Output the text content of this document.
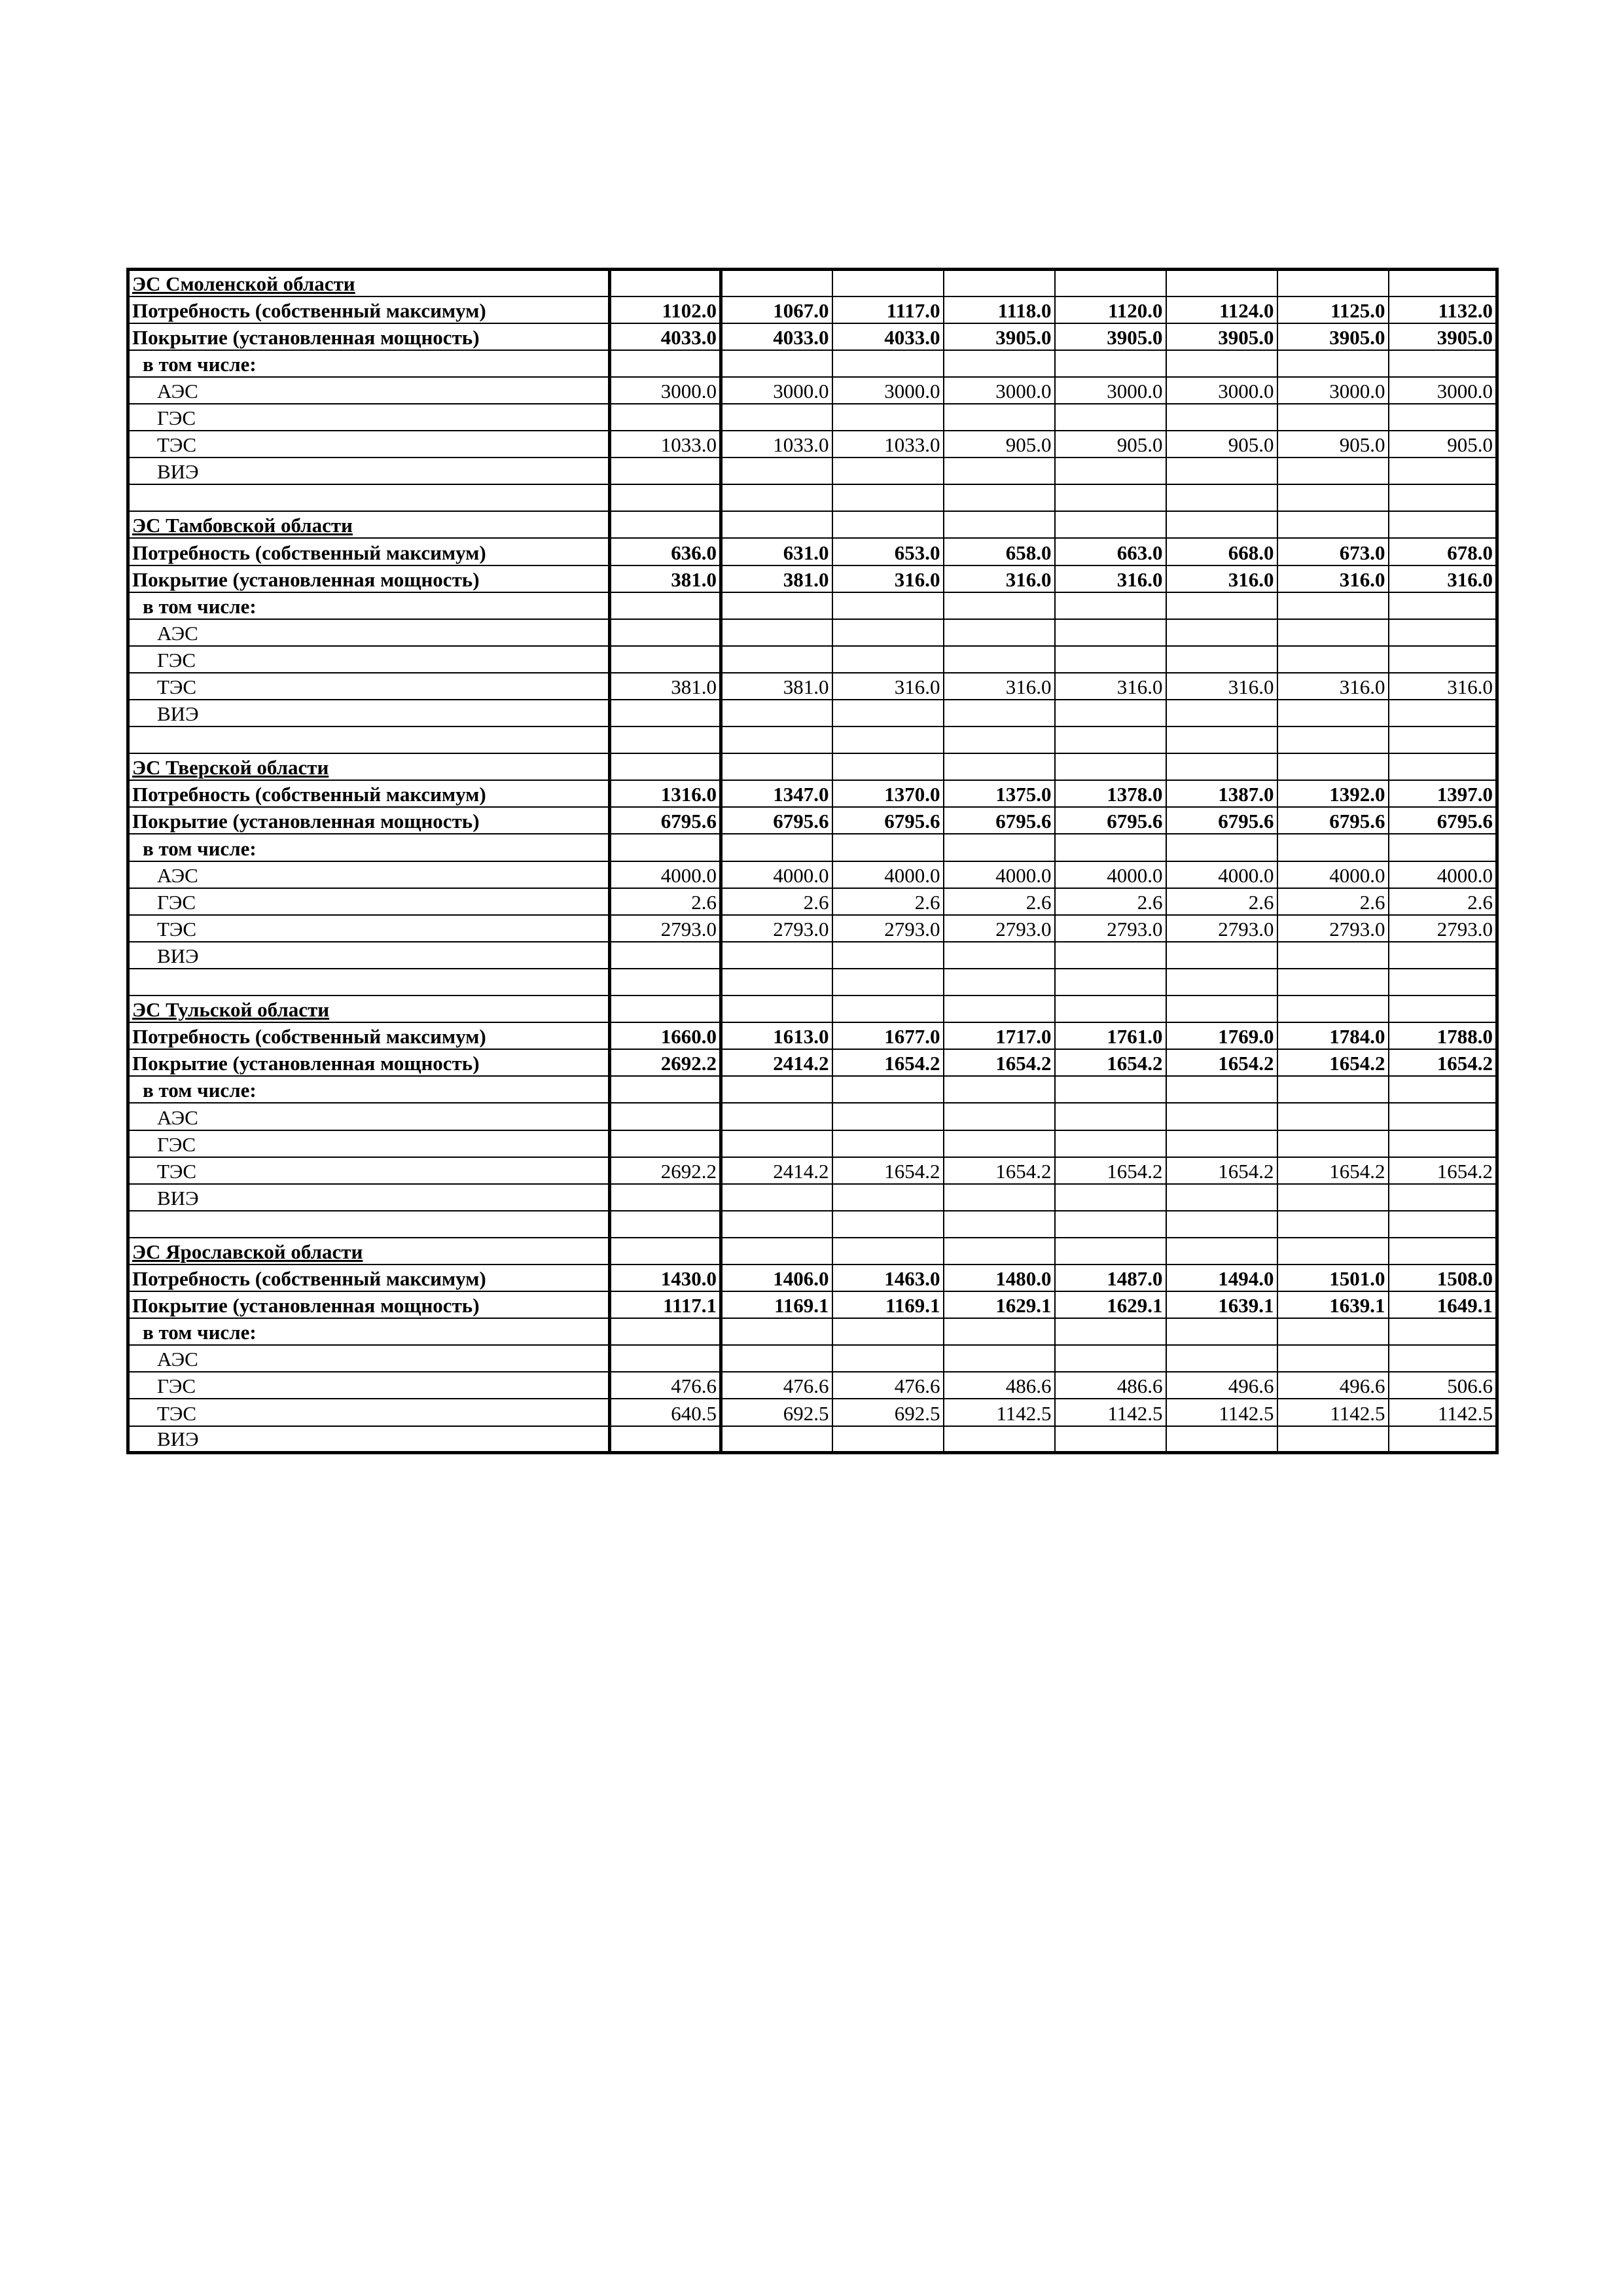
ЭС Смоленской области								
Потребность (собственный максимум)	1102.0	1067.0	1117.0	1118.0	1120.0	1124.0	1125.0	1132.0
Покрытие (установленная мощность)	4033.0	4033.0	4033.0	3905.0	3905.0	3905.0	3905.0	3905.0
в том числе:								
АЭС	3000.0	3000.0	3000.0	3000.0	3000.0	3000.0	3000.0	3000.0
ГЭС								
ТЭС	1033.0	1033.0	1033.0	905.0	905.0	905.0	905.0	905.0
ВИЭ								

ЭС Тамбовской области								
Потребность (собственный максимум)	636.0	631.0	653.0	658.0	663.0	668.0	673.0	678.0
Покрытие (установленная мощность)	381.0	381.0	316.0	316.0	316.0	316.0	316.0	316.0
в том числе:								
АЭС								
ГЭС								
ТЭС	381.0	381.0	316.0	316.0	316.0	316.0	316.0	316.0
ВИЭ								

ЭС Тверской области								
Потребность (собственный максимум)	1316.0	1347.0	1370.0	1375.0	1378.0	1387.0	1392.0	1397.0
Покрытие (установленная мощность)	6795.6	6795.6	6795.6	6795.6	6795.6	6795.6	6795.6	6795.6
в том числе:								
АЭС	4000.0	4000.0	4000.0	4000.0	4000.0	4000.0	4000.0	4000.0
ГЭС	2.6	2.6	2.6	2.6	2.6	2.6	2.6	2.6
ТЭС	2793.0	2793.0	2793.0	2793.0	2793.0	2793.0	2793.0	2793.0
ВИЭ								

ЭС Тульской области								
Потребность (собственный максимум)	1660.0	1613.0	1677.0	1717.0	1761.0	1769.0	1784.0	1788.0
Покрытие (установленная мощность)	2692.2	2414.2	1654.2	1654.2	1654.2	1654.2	1654.2	1654.2
в том числе:								
АЭС								
ГЭС								
ТЭС	2692.2	2414.2	1654.2	1654.2	1654.2	1654.2	1654.2	1654.2
ВИЭ								

ЭС Ярославской области								
Потребность (собственный максимум)	1430.0	1406.0	1463.0	1480.0	1487.0	1494.0	1501.0	1508.0
Покрытие (установленная мощность)	1117.1	1169.1	1169.1	1629.1	1629.1	1639.1	1639.1	1649.1
в том числе:								
АЭС								
ГЭС	476.6	476.6	476.6	486.6	486.6	496.6	496.6	506.6
ТЭС	640.5	692.5	692.5	1142.5	1142.5	1142.5	1142.5	1142.5
ВИЭ								
